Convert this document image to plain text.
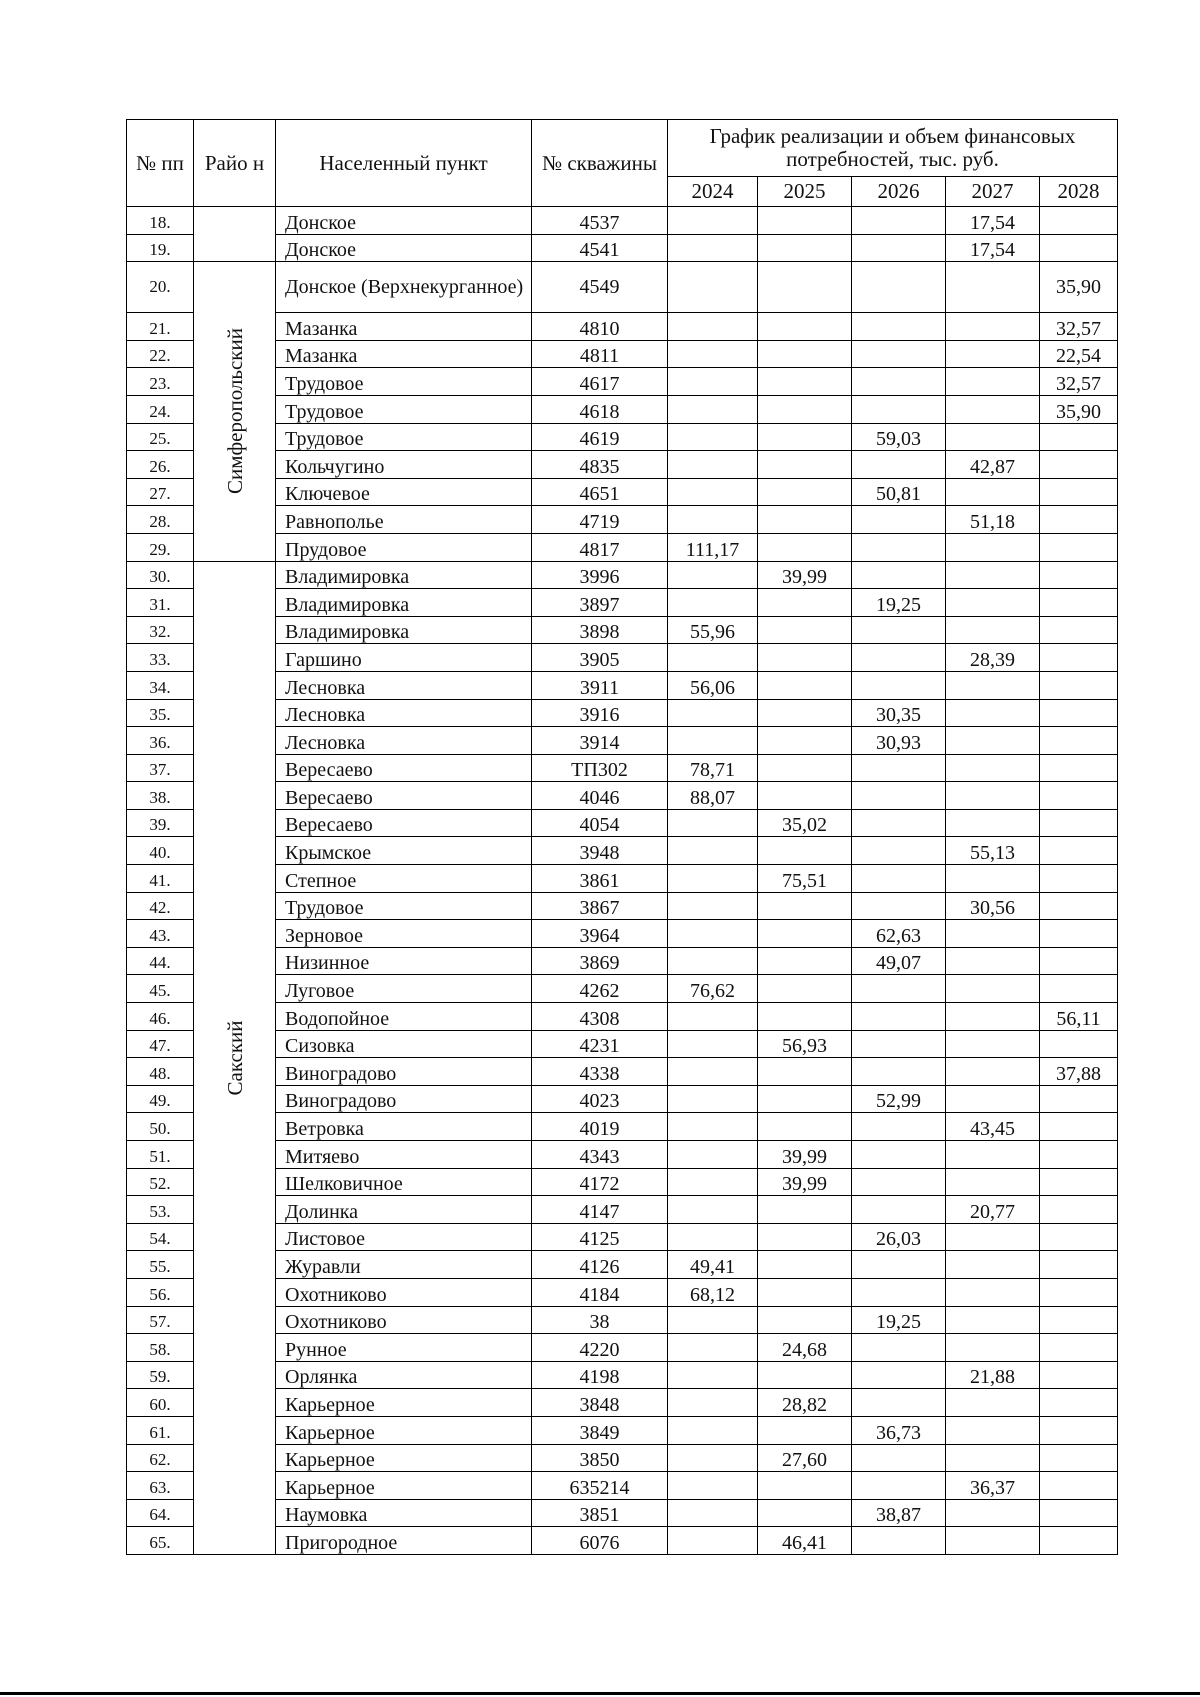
№ пп	Райо н	Населенный пункт	№ скважины	График реализации и объем финансовых потребностей, тыс. руб.				
				2024	2025	2026	2027	2028
18.		Донское	4537				17,54	
19.		Донское	4541				17,54	
20.	Симферопольский	Донское (Верхнекурганное)	4549					35,90
21.		Мазанка	4810					32,57
22.		Мазанка	4811					22,54
23.		Трудовое	4617					32,57
24.		Трудовое	4618					35,90
25.		Трудовое	4619			59,03		
26.		Кольчугино	4835				42,87	
27.		Ключевое	4651			50,81		
28.		Равнополье	4719				51,18	
29.		Прудовое	4817	111,17				
30.	Сакский	Владимировка	3996		39,99			
31.		Владимировка	3897			19,25		
32.		Владимировка	3898	55,96				
33.		Гаршино	3905				28,39	
34.		Лесновка	3911	56,06				
35.		Лесновка	3916			30,35		
36.		Лесновка	3914			30,93		
37.		Вересаево	ТП302	78,71				
38.		Вересаево	4046	88,07				
39.		Вересаево	4054		35,02			
40.		Крымское	3948				55,13	
41.		Степное	3861		75,51			
42.		Трудовое	3867				30,56	
43.		Зерновое	3964			62,63		
44.		Низинное	3869			49,07		
45.		Луговое	4262	76,62				
46.		Водопойное	4308					56,11
47.		Сизовка	4231		56,93			
48.		Виноградово	4338					37,88
49.		Виноградово	4023			52,99		
50.		Ветровка	4019				43,45	
51.		Митяево	4343		39,99			
52.		Шелковичное	4172		39,99			
53.		Долинка	4147				20,77	
54.		Листовое	4125			26,03		
55.		Журавли	4126	49,41				
56.		Охотниково	4184	68,12				
57.		Охотниково	38			19,25		
58.		Рунное	4220		24,68			
59.		Орлянка	4198				21,88	
60.		Карьерное	3848		28,82			
61.		Карьерное	3849			36,73		
62.		Карьерное	3850		27,60			
63.		Карьерное	635214				36,37	
64.		Наумовка	3851			38,87		
65.		Пригородное	6076		46,41			
